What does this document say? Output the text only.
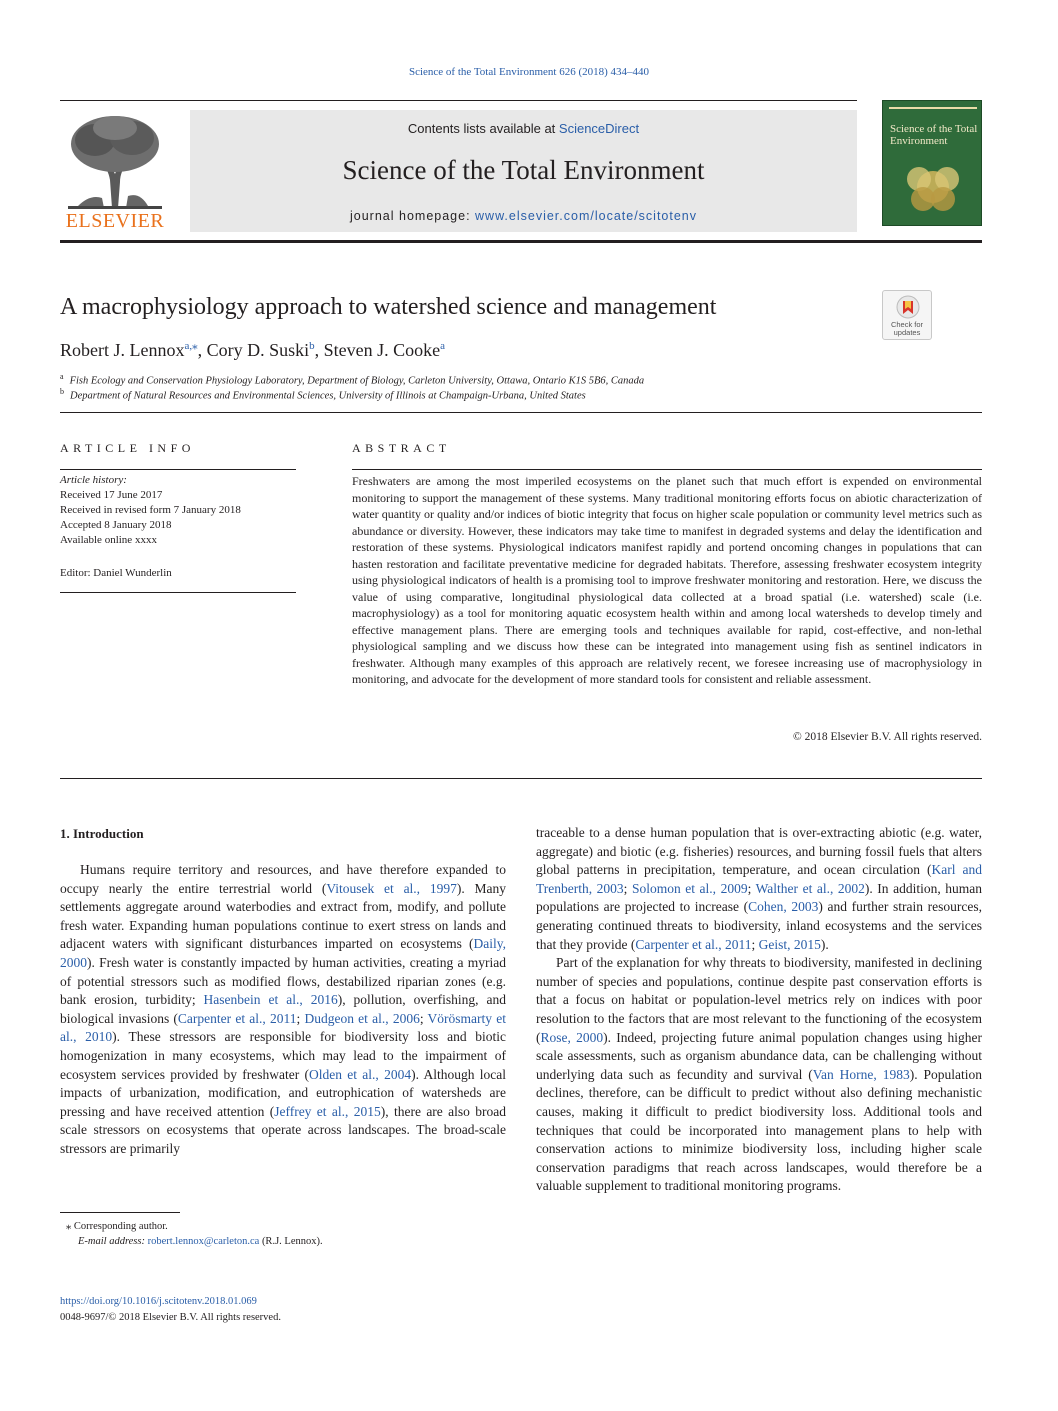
Science of the Total Environment 626 (2018) 434–440
ELSEVIER
Contents lists available at ScienceDirect
Science of the Total Environment
journal homepage: www.elsevier.com/locate/scitotenv
Science of the Total Environment
A macrophysiology approach to watershed science and management
Check for updates
Robert J. Lennox$^{a,⁎}$, Cory D. Suski$^b$, Steven J. Cooke$^a$
$^a$ Fish Ecology and Conservation Physiology Laboratory, Department of Biology, Carleton University, Ottawa, Ontario K1S 5B6, Canada
$^b$ Department of Natural Resources and Environmental Sciences, University of Illinois at Champaign-Urbana, United States
ARTICLE INFO
Article history:
Received 17 June 2017
Received in revised form 7 January 2018
Accepted 8 January 2018
Available online xxxx
Editor: Daniel Wunderlin
ABSTRACT
Freshwaters are among the most imperiled ecosystems on the planet such that much effort is expended on environmental monitoring to support the management of these systems. Many traditional monitoring efforts focus on abiotic characterization of water quantity or quality and/or indices of biotic integrity that focus on higher scale population or community level metrics such as abundance or diversity. However, these indicators may take time to manifest in degraded systems and delay the identification and restoration of these systems. Physiological indicators manifest rapidly and portend oncoming changes in populations that can hasten restoration and facilitate preventative medicine for degraded habitats. Therefore, assessing freshwater ecosystem integrity using physiological indicators of health is a promising tool to improve freshwater monitoring and restoration. Here, we discuss the value of using comparative, longitudinal physiological data collected at a broad spatial (i.e. watershed) scale (i.e. macrophysiology) as a tool for monitoring aquatic ecosystem health within and among local watersheds to develop timely and effective management plans. There are emerging tools and techniques available for rapid, cost-effective, and non-lethal physiological sampling and we discuss how these can be integrated into management using fish as sentinel indicators in freshwater. Although many examples of this approach are relatively recent, we foresee increasing use of macrophysiology in monitoring, and advocate for the development of more standard tools for consistent and reliable assessment.
© 2018 Elsevier B.V. All rights reserved.
1. Introduction

Humans require territory and resources, and have therefore expanded to occupy nearly the entire terrestrial world (Vitousek et al., 1997). Many settlements aggregate around waterbodies and extract from, modify, and pollute fresh water. Expanding human populations continue to exert stress on lands and adjacent waters with significant disturbances imparted on ecosystems (Daily, 2000). Fresh water is constantly impacted by human activities, creating a myriad of potential stressors such as modified flows, destabilized riparian zones (e.g. bank erosion, turbidity; Hasenbein et al., 2016), pollution, overfishing, and biological invasions (Carpenter et al., 2011; Dudgeon et al., 2006; Vörösmarty et al., 2010). These stressors are responsible for biodiversity loss and biotic homogenization in many ecosystems, which may lead to the impairment of ecosystem services provided by freshwater (Olden et al., 2004). Although local impacts of urbanization, modification, and eutrophication of watersheds are pressing and have received attention (Jeffrey et al., 2015), there are also broad scale stressors on ecosystems that operate across landscapes. The broad-scale stressors are primarily

traceable to a dense human population that is over-extracting abiotic (e.g. water, aggregate) and biotic (e.g. fisheries) resources, and burning fossil fuels that alters global patterns in precipitation, temperature, and ocean circulation (Karl and Trenberth, 2003; Solomon et al., 2009; Walther et al., 2002). In addition, human populations are projected to increase (Cohen, 2003) and further strain resources, generating continued threats to biodiversity, inland ecosystems and the services that they provide (Carpenter et al., 2011; Geist, 2015).

Part of the explanation for why threats to biodiversity, manifested in declining number of species and populations, continue despite past conservation efforts is that a focus on habitat or population-level metrics rely on indices with poor resolution to the factors that are most relevant to the functioning of the ecosystem (Rose, 2000). Indeed, projecting future animal population changes using higher scale assessments, such as organism abundance data, can be challenging without underlying data such as fecundity and survival (Van Horne, 1983). Population declines, therefore, can be difficult to predict without also defining mechanistic causes, making it difficult to predict biodiversity loss. Additional tools and techniques that could be incorporated into management plans to help with conservation actions to minimize biodiversity loss, including higher scale conservation paradigms that reach across landscapes, would therefore be a valuable supplement to traditional monitoring programs.

⁎ Corresponding author.
E-mail address: robert.lennox@carleton.ca (R.J. Lennox).
https://doi.org/10.1016/j.scitotenv.2018.01.069
0048-9697/© 2018 Elsevier B.V. All rights reserved.
